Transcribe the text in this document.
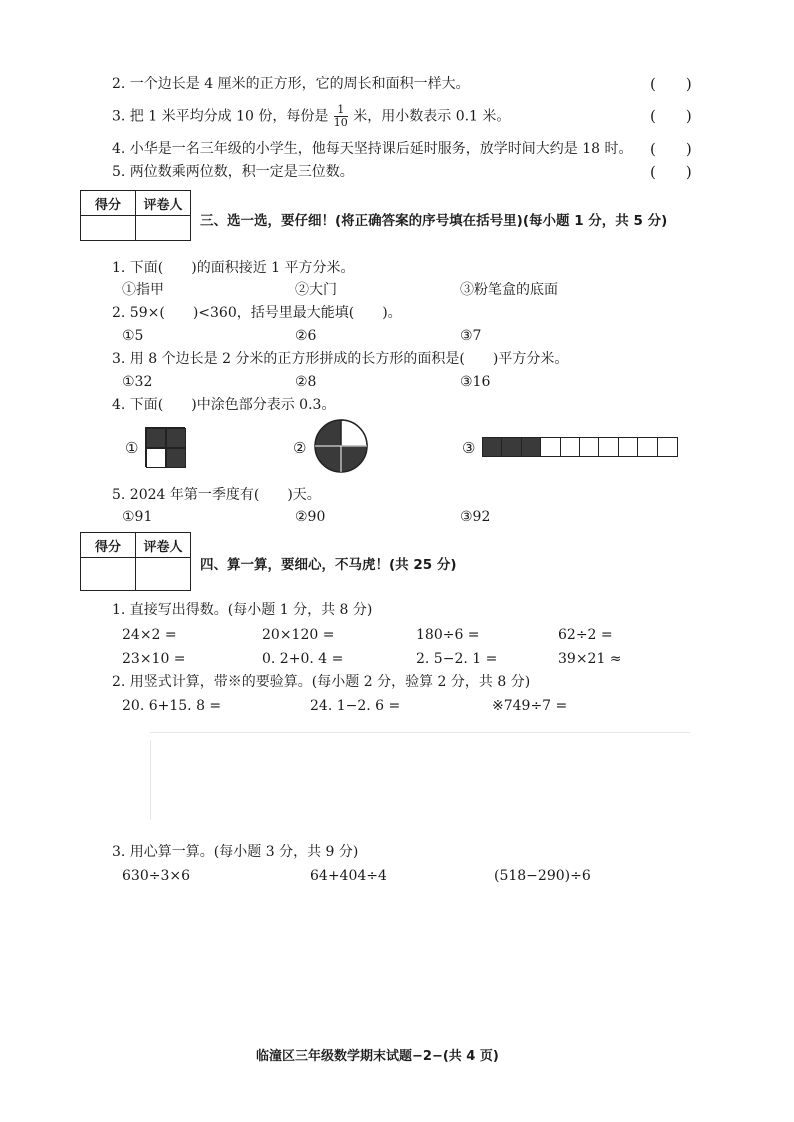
2. 一个边长是 4 厘米的正方形，它的周长和面积一样大。	(　　)
3. 把 1 米平均分成 10 份，每份是 $\frac{1}{10}$ 米，用小数表示 0.1 米。	(　　)
4. 小华是一名三年级的小学生，他每天坚持课后延时服务，放学时间大约是 18 时。 (　　)
5. 两位数乘两位数，积一定是三位数。	(　　)
得分	评卷人

三、选一选，要仔细！(将正确答案的序号填在括号里)(每小题 1 分，共 5 分)
1. 下面(　　)的面积接近 1 平方分米。
①指甲	②大门	③粉笔盒的底面
2. 59×(　　)<360，括号里最大能填(　　)。
①5	②6	③7
3. 用 8 个边长是 2 分米的正方形拼成的长方形的面积是(　　)平方分米。
①32	②8	③16
4. 下面(　　)中涂色部分表示 0.3。
①	②	③
5. 2024 年第一季度有(　　)天。
①91	②90	③92
得分	评卷人

四、算一算，要细心，不马虎！(共 25 分)
1. 直接写出得数。(每小题 1 分，共 8 分)
24×2 =	20×120 =	180÷6 =	62÷2 =
23×10 =	0. 2+0. 4 =	2. 5−2. 1 =	39×21 ≈
2. 用竖式计算，带※的要验算。(每小题 2 分，验算 2 分，共 8 分)
20. 6+15. 8 =	24. 1−2. 6 =	※749÷7 =
3. 用心算一算。(每小题 3 分，共 9 分)
630÷3×6	64+404÷4	(518−290)÷6
临潼区三年级数学期末试题−2−(共 4 页)
